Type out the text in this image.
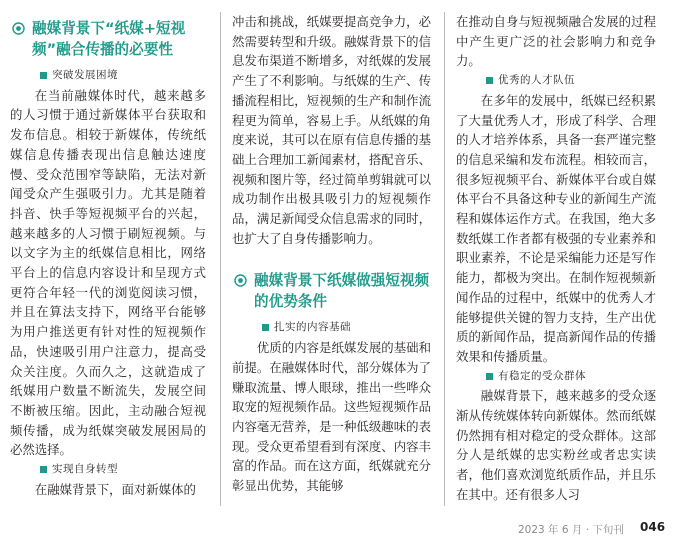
融媒背景下“纸媒+短视频”融合传播的必要性
突破发展困境

在当前融媒体时代，越来越多的人习惯于通过新媒体平台获取和发布信息。相较于新媒体，传统纸媒信息传播表现出信息触达速度慢、受众范围窄等缺陷，无法对新闻受众产生强吸引力。尤其是随着抖音、快手等短视频平台的兴起，越来越多的人习惯于刷短视频。与以文字为主的纸媒信息相比，网络平台上的信息内容设计和呈现方式更符合年轻一代的浏览阅读习惯，并且在算法支持下，网络平台能够为用户推送更有针对性的短视频作品，快速吸引用户注意力，提高受众关注度。久而久之，这就造成了纸媒用户数量不断流失，发展空间不断被压缩。因此，主动融合短视频传播，成为纸媒突破发展困局的必然选择。

实现自身转型

在融媒背景下，面对新媒体的

冲击和挑战，纸媒要提高竞争力，必然需要转型和升级。融媒背景下的信息发布渠道不断增多，对纸媒的发展产生了不利影响。与纸媒的生产、传播流程相比，短视频的生产和制作流程更为简单，容易上手。从纸媒的角度来说，其可以在原有信息传播的基础上合理加工新闻素材，搭配音乐、视频和图片等，经过简单剪辑就可以成功制作出极具吸引力的短视频作品，满足新闻受众信息需求的同时，也扩大了自身传播影响力。

融媒背景下纸媒做强短视频的优势条件
扎实的内容基础

优质的内容是纸媒发展的基础和前提。在融媒体时代，部分媒体为了赚取流量、博人眼球，推出一些哗众取宠的短视频作品。这些短视频作品内容毫无营养，是一种低级趣味的表现。受众更希望看到有深度、内容丰富的作品。而在这方面，纸媒就充分彰显出优势，其能够

在推动自身与短视频融合发展的过程中产生更广泛的社会影响力和竞争力。

优秀的人才队伍

在多年的发展中，纸媒已经积累了大量优秀人才，形成了科学、合理的人才培养体系，具备一套严谨完整的信息采编和发布流程。相较而言，很多短视频平台、新媒体平台或自媒体平台不具备这种专业的新闻生产流程和媒体运作方式。在我国，绝大多数纸媒工作者都有极强的专业素养和职业素养，不论是采编能力还是写作能力，都极为突出。在制作短视频新闻作品的过程中，纸媒中的优秀人才能够提供关键的智力支持，生产出优质的新闻作品，提高新闻作品的传播效果和传播质量。

有稳定的受众群体

融媒背景下，越来越多的受众逐渐从传统媒体转向新媒体。然而纸媒仍然拥有相对稳定的受众群体。这部分人是纸媒的忠实粉丝或者忠实读者，他们喜欢浏览纸质作品，并且乐在其中。还有很多人习

2023 年 6 月 · 下旬刊 046
